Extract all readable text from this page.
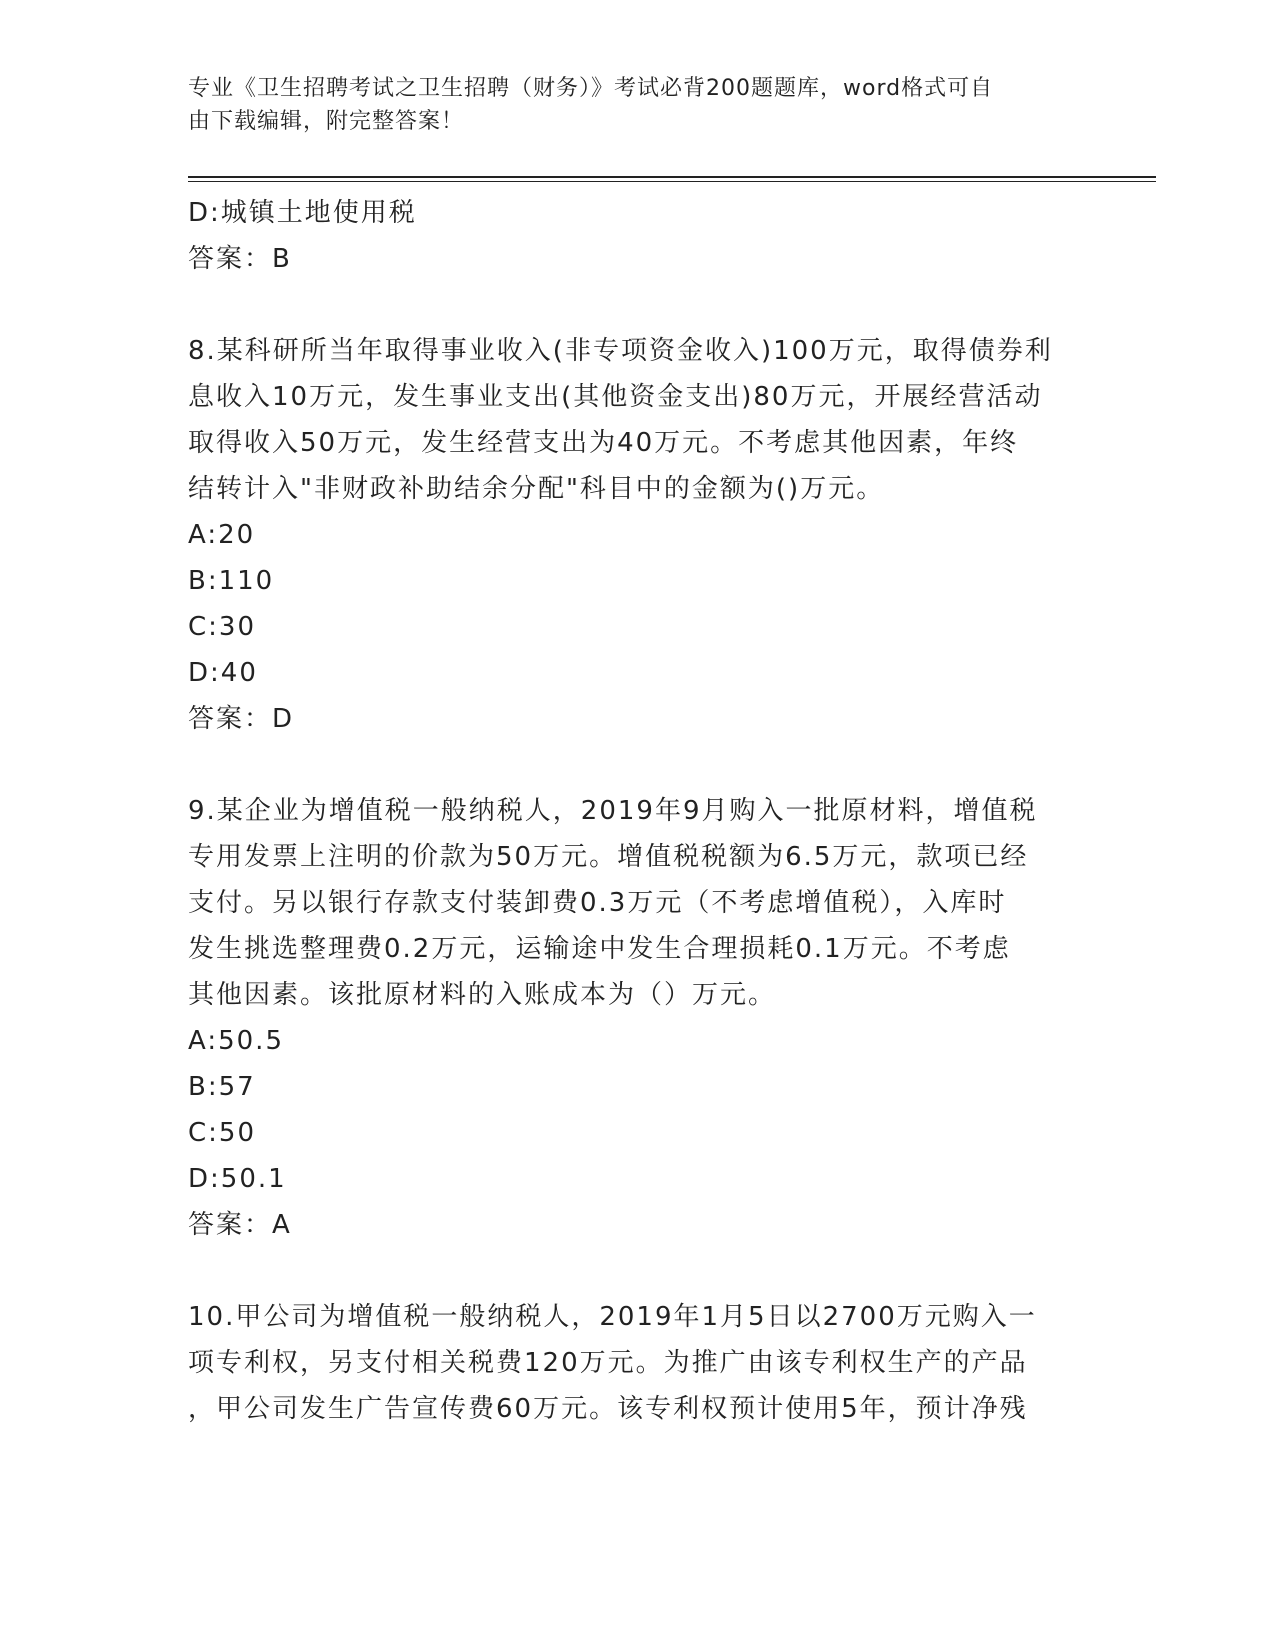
专业《卫生招聘考试之卫生招聘（财务）》考试必背200题题库，word格式可自
由下载编辑，附完整答案！
D:城镇土地使用税
答案：B
8.某科研所当年取得事业收入(非专项资金收入)100万元，取得债券利
息收入10万元，发生事业支出(其他资金支出)80万元，开展经营活动
取得收入50万元，发生经营支出为40万元。不考虑其他因素，年终
结转计入"非财政补助结余分配"科目中的金额为()万元。
A:20
B:110
C:30
D:40
答案：D
9.某企业为增值税一般纳税人，2019年9月购入一批原材料，增值税
专用发票上注明的价款为50万元。增值税税额为6.5万元，款项已经
支付。另以银行存款支付装卸费0.3万元（不考虑增值税），入库时
发生挑选整理费0.2万元，运输途中发生合理损耗0.1万元。不考虑
其他因素。该批原材料的入账成本为（）万元。
A:50.5
B:57
C:50
D:50.1
答案：A
10.甲公司为增值税一般纳税人，2019年1月5日以2700万元购入一
项专利权，另支付相关税费120万元。为推广由该专利权生产的产品
，甲公司发生广告宣传费60万元。该专利权预计使用5年，预计净残
